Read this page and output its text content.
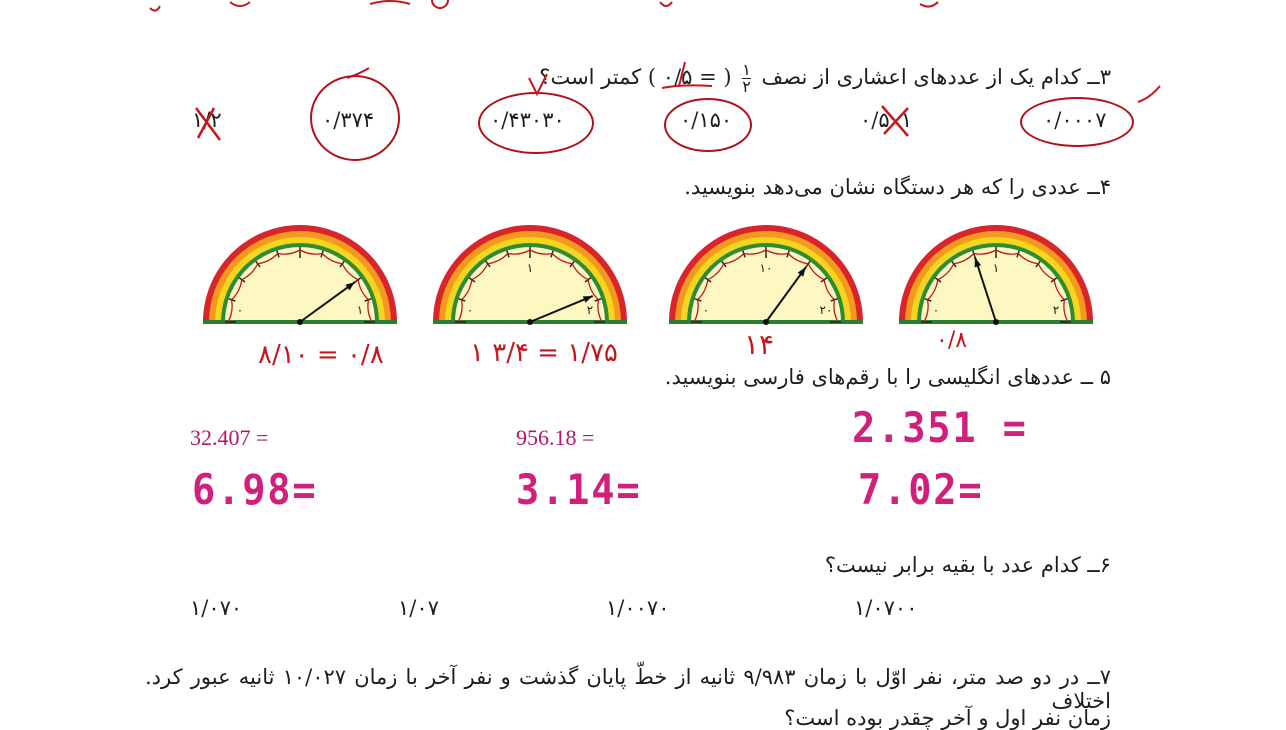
۳ــ کدام یک از عددهای اعشاری از نصف
۱
۲
( = ۰/۵ ) کمتر است؟
۰/۰۰۰۷
۰/۵۰۱
۰/۱۵۰
۰/۴۳۰۳۰
۰/۳۷۴
۱/۲
۴ــ عددی را که هر دستگاه نشان می‌دهد بنویسید.
۰	۱	۰	۲
۱
۰	۲۰
۱۰
۰	۲
۱
۸/۱۰ = ۰/۸	۱ ۳/۴ = ۱/۷۵	۱۴	۰/۸
۵ ــ عددهای انگلیسی را با رقم‌های فارسی بنویسید.
32.407 =	956.18 =	2.351 =
6.98=	3.14=	7.02=
۶ــ کدام عدد با بقیه برابر نیست؟
۱/۰۷۰	۱/۰۷	۱/۰۰۷۰	۱/۰۷۰۰
۷ــ در دو صد متر، نفر اوّل با زمان ۹/۹۸۳ ثانیه از خطّ پایان گذشت و نفر آخر با زمان ۱۰/۰۲۷ ثانیه عبور کرد. اختلاف
زمان نفر اول و آخر چقدر بوده است؟
